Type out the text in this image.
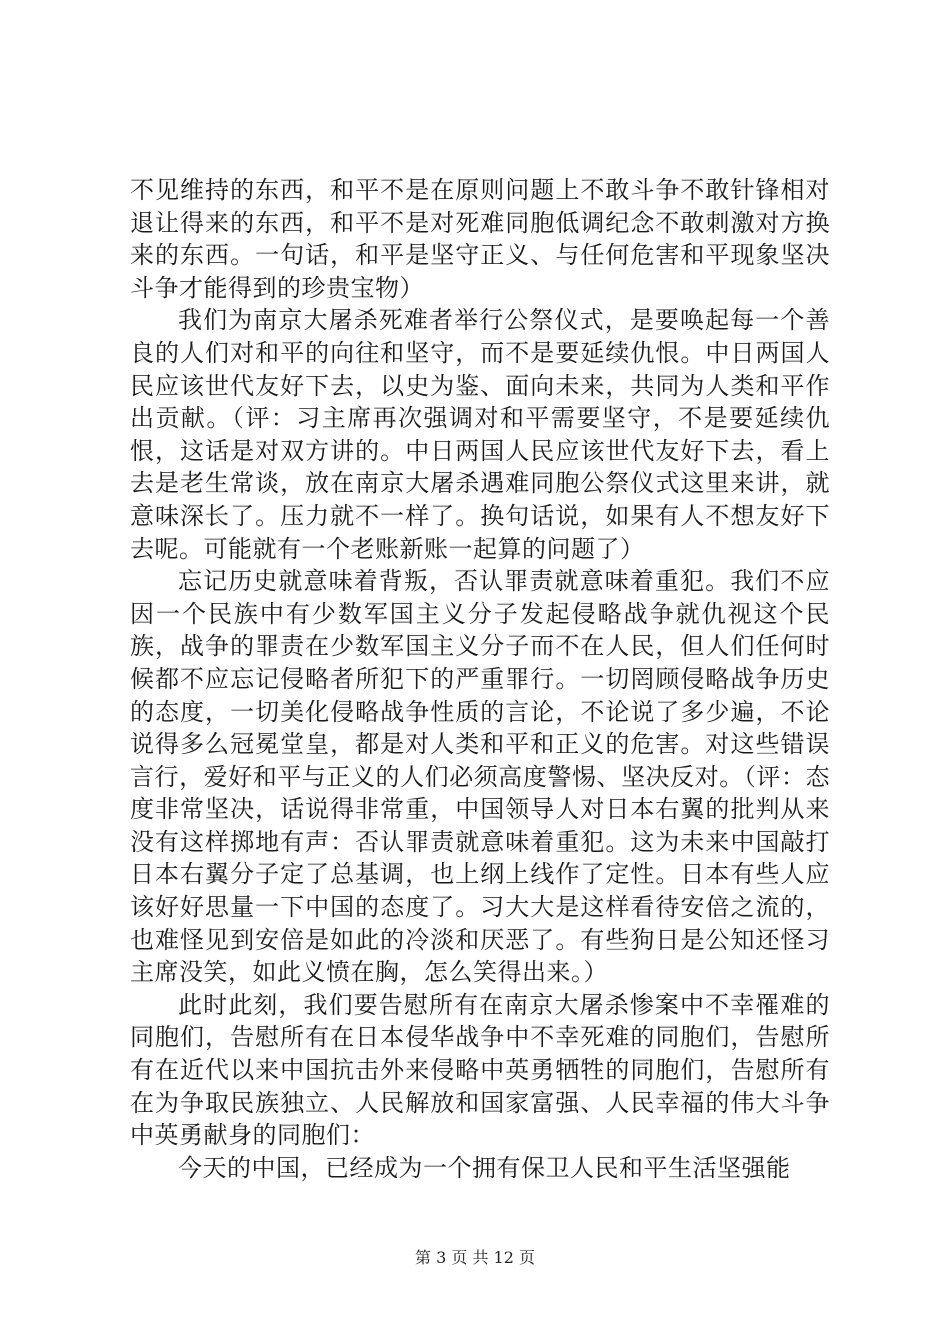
不见维持的东西，和平不是在原则问题上不敢斗争不敢针锋相对退让得来的东西，和平不是对死难同胞低调纪念不敢刺激对方换来的东西。一句话，和平是坚守正义、与任何危害和平现象坚决斗争才能得到的珍贵宝物）

我们为南京大屠杀死难者举行公祭仪式，是要唤起每一个善良的人们对和平的向往和坚守，而不是要延续仇恨。中日两国人民应该世代友好下去，以史为鉴、面向未来，共同为人类和平作出贡献。（评：习主席再次强调对和平需要坚守，不是要延续仇恨，这话是对双方讲的。中日两国人民应该世代友好下去，看上去是老生常谈，放在南京大屠杀遇难同胞公祭仪式这里来讲，就意味深长了。压力就不一样了。换句话说，如果有人不想友好下去呢。可能就有一个老账新账一起算的问题了）

忘记历史就意味着背叛，否认罪责就意味着重犯。我们不应因一个民族中有少数军国主义分子发起侵略战争就仇视这个民族，战争的罪责在少数军国主义分子而不在人民，但人们任何时候都不应忘记侵略者所犯下的严重罪行。一切罔顾侵略战争历史的态度，一切美化侵略战争性质的言论，不论说了多少遍，不论说得多么冠冕堂皇，都是对人类和平和正义的危害。对这些错误言行，爱好和平与正义的人们必须高度警惕、坚决反对。（评：态度非常坚决，话说得非常重，中国领导人对日本右翼的批判从来没有这样掷地有声：否认罪责就意味着重犯。这为未来中国敲打日本右翼分子定了总基调，也上纲上线作了定性。日本有些人应该好好思量一下中国的态度了。习大大是这样看待安倍之流的，也难怪见到安倍是如此的冷淡和厌恶了。有些狗日是公知还怪习主席没笑，如此义愤在胸，怎么笑得出来。）

此时此刻，我们要告慰所有在南京大屠杀惨案中不幸罹难的同胞们，告慰所有在日本侵华战争中不幸死难的同胞们，告慰所有在近代以来中国抗击外来侵略中英勇牺牲的同胞们，告慰所有在为争取民族独立、人民解放和国家富强、人民幸福的伟大斗争中英勇献身的同胞们：

今天的中国，已经成为一个拥有保卫人民和平生活坚强能

第 3 页 共 12 页
